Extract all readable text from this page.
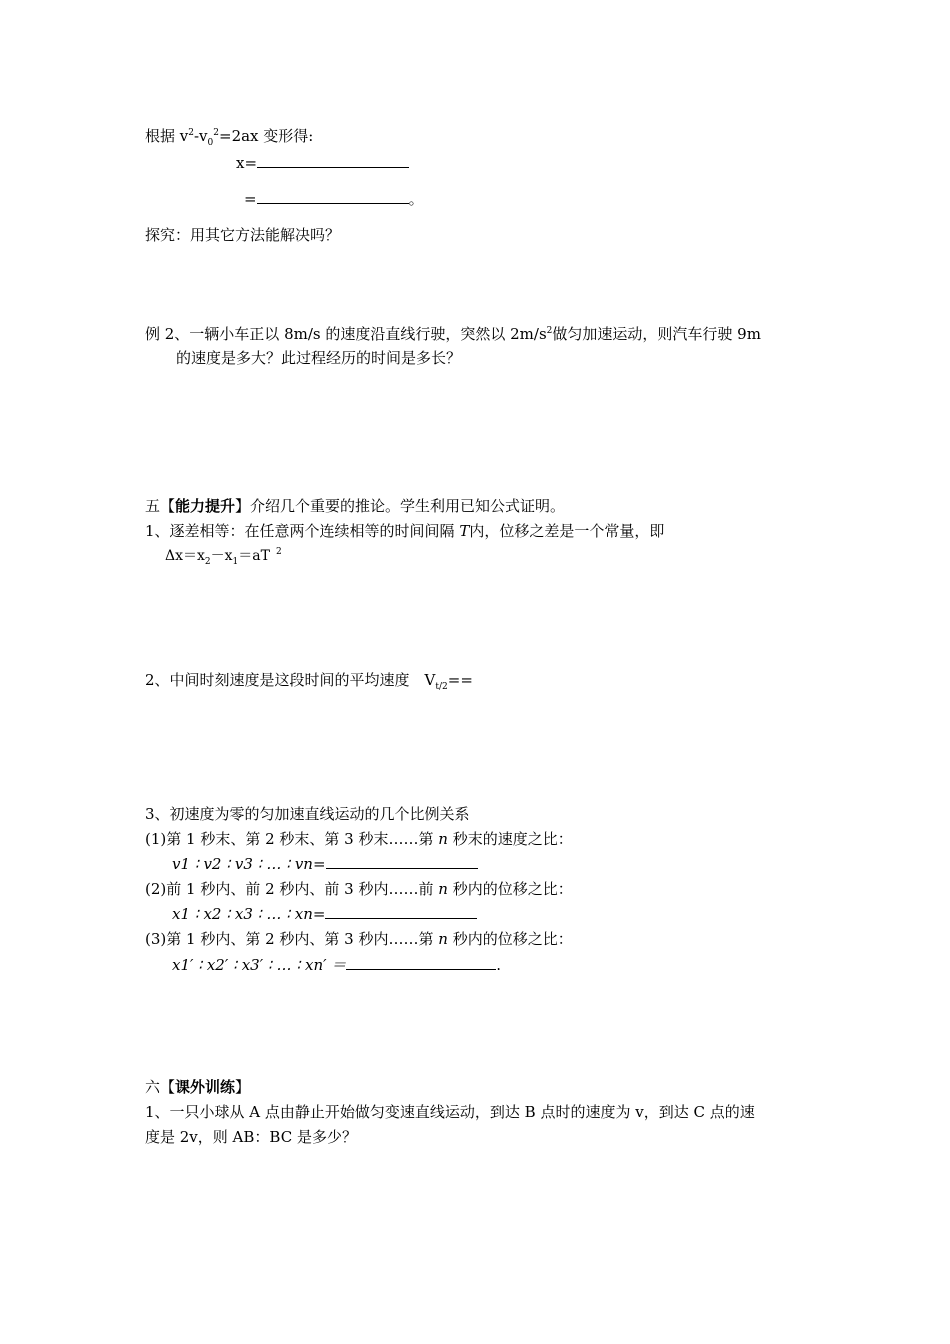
根据 $v^2-v_0^2=2ax$ 变形得:
x=
=	。
探究：用其它方法能解决吗？
例 2、一辆小车正以 8m/s 的速度沿直线行驶，突然以 $2m/s^2$做匀加速运动，则汽车行驶 9m
的速度是多大？此过程经历的时间是多长？
五【能力提升】介绍几个重要的推论。学生利用已知公式证明。
1、逐差相等：在任意两个连续相等的时间间隔 T内，位移之差是一个常量，即
$\Delta x=x_2-x_1=aT$ $^2$
2、中间时刻速度是这段时间的平均速度　$V_{t/2}==$
3、初速度为零的匀加速直线运动的几个比例关系
(1)第 1 秒末、第 2 秒末、第 3 秒末……第 n 秒末的速度之比：
v1 ∶ v2 ∶ v3 ∶ … ∶ vn=
(2)前 1 秒内、前 2 秒内、前 3 秒内……前 n 秒内的位移之比：
x1 ∶ x2 ∶ x3 ∶ … ∶ xn=
(3)第 1 秒内、第 2 秒内、第 3 秒内……第 n 秒内的位移之比：
x1′ ∶ x2′ ∶ x3′ ∶ … ∶ xn′ ＝	.
六【课外训练】
1、一只小球从 A 点由静止开始做匀变速直线运动，到达 B 点时的速度为 v，到达 C 点的速
度是 2v，则 AB：BC 是多少？
